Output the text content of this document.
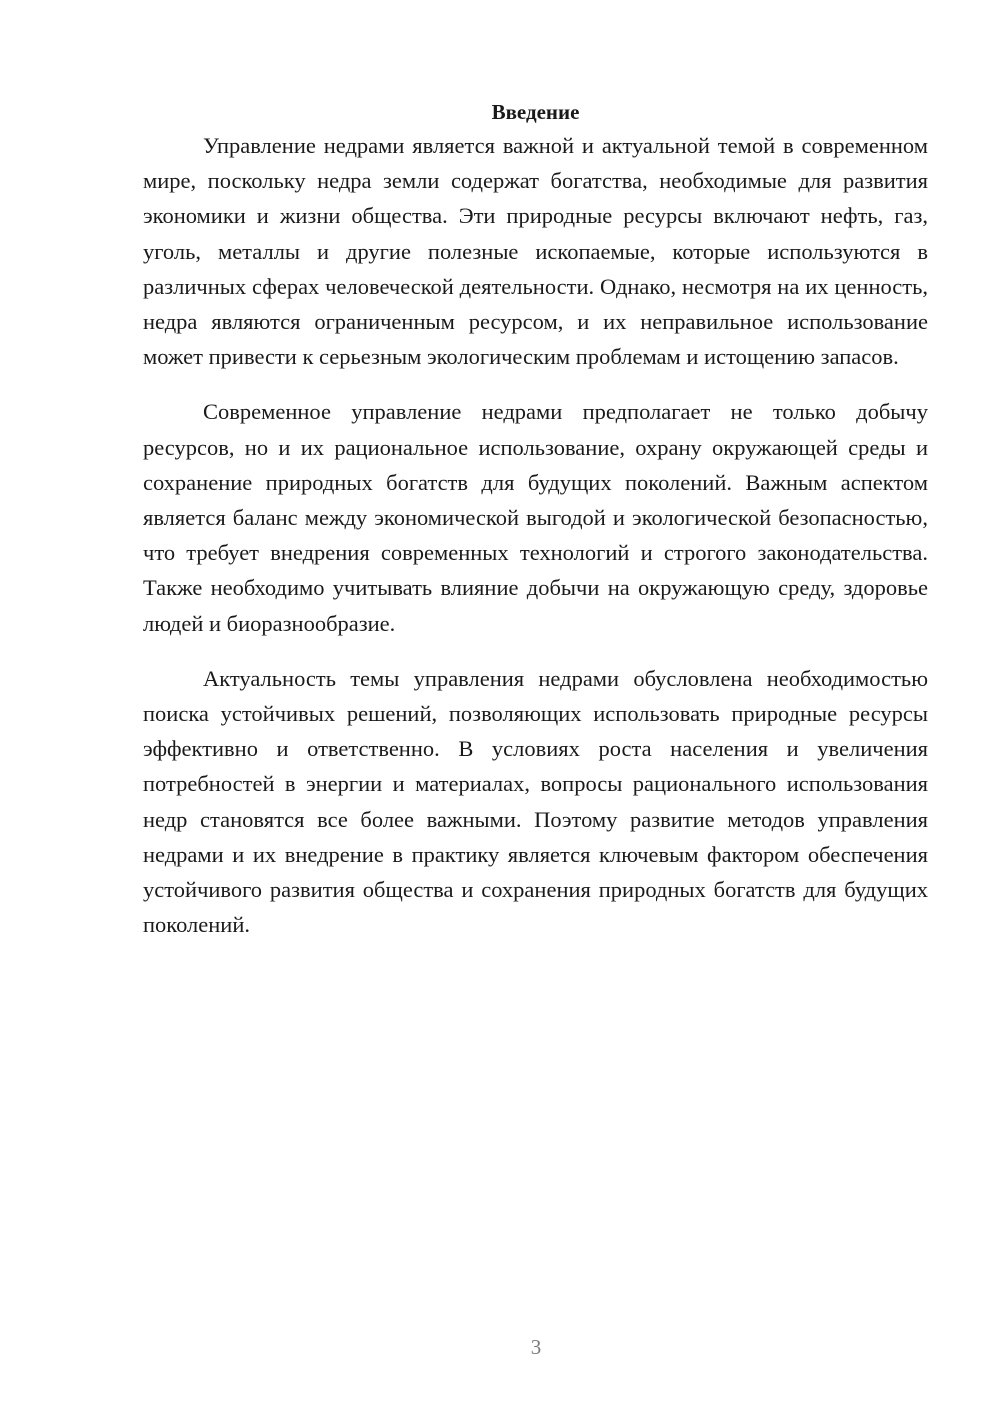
Введение

Управление недрами является важной и актуальной темой в современном мире, поскольку недра земли содержат богатства, необходимые для развития экономики и жизни общества. Эти природные ресурсы включают нефть, газ, уголь, металлы и другие полезные ископаемые, которые используются в различных сферах человеческой деятельности. Однако, несмотря на их ценность, недра являются ограниченным ресурсом, и их неправильное использование может привести к серьезным экологическим проблемам и истощению запасов.

Современное управление недрами предполагает не только добычу ресурсов, но и их рациональное использование, охрану окружающей среды и сохранение природных богатств для будущих поколений. Важным аспектом является баланс между экономической выгодой и экологической безопасностью, что требует внедрения современных технологий и строгого законодательства. Также необходимо учитывать влияние добычи на окружающую среду, здоровье людей и биоразнообразие.

Актуальность темы управления недрами обусловлена необходимостью поиска устойчивых решений, позволяющих использовать природные ресурсы эффективно и ответственно. В условиях роста населения и увеличения потребностей в энергии и материалах, вопросы рационального использования недр становятся все более важными. Поэтому развитие методов управления недрами и их внедрение в практику является ключевым фактором обеспечения устойчивого развития общества и сохранения природных богатств для будущих поколений.

3
